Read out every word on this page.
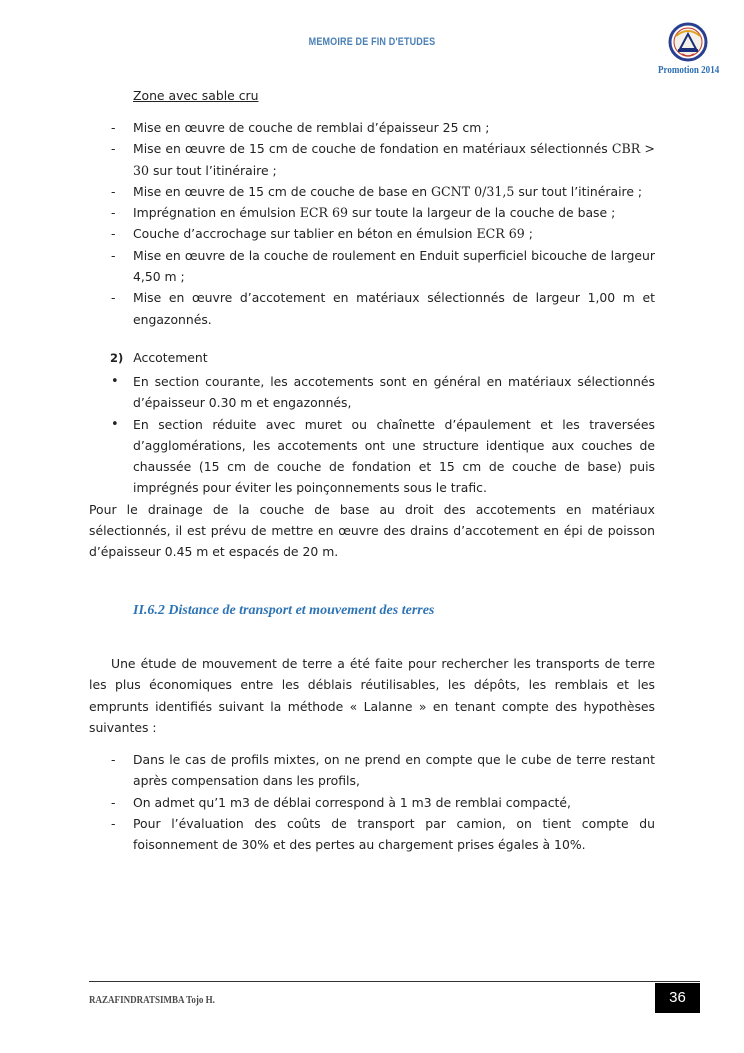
MEMOIRE DE FIN D'ETUDES
Promotion 2014
Zone avec sable cru
- Mise en œuvre de couche de remblai d’épaisseur 25 cm ;
- Mise en œuvre de 15 cm de couche de fondation en matériaux sélectionnés CBR > 30 sur tout l’itinéraire ;
- Mise en œuvre de 15 cm de couche de base en GCNT 0/31,5 sur tout l’itinéraire ;
- Imprégnation en émulsion ECR 69 sur toute la largeur de la couche de base ;
- Couche d’accrochage sur tablier en béton en émulsion ECR 69 ;
- Mise en œuvre de la couche de roulement en Enduit superficiel bicouche de largeur 4,50 m ;
- Mise en œuvre d’accotement en matériaux sélectionnés de largeur 1,00 m et engazonnés.
2) Accotement
• En section courante, les accotements sont en général en matériaux sélectionnés d’épaisseur 0.30 m et engazonnés,
• En section réduite avec muret ou chaînette d’épaulement et les traversées d’agglomérations, les accotements ont une structure identique aux couches de chaussée (15 cm de couche de fondation et 15 cm de couche de base) puis imprégnés pour éviter les poinçonnements sous le trafic.

Pour le drainage de la couche de base au droit des accotements en matériaux sélectionnés, il est prévu de mettre en œuvre des drains d’accotement en épi de poisson d’épaisseur 0.45 m et espacés de 20 m.

II.6.2 Distance de transport et mouvement des terres

Une étude de mouvement de terre a été faite pour rechercher les transports de terre les plus économiques entre les déblais réutilisables, les dépôts, les remblais et les emprunts identifiés suivant la méthode « Lalanne » en tenant compte des hypothèses suivantes :

- Dans le cas de profils mixtes, on ne prend en compte que le cube de terre restant après compensation dans les profils,
- On admet qu’1 m3 de déblai correspond à 1 m3 de remblai compacté,
- Pour l’évaluation des coûts de transport par camion, on tient compte du foisonnement de 30% et des pertes au chargement prises égales à 10%.
RAZAFINDRATSIMBA Tojo H.	36
